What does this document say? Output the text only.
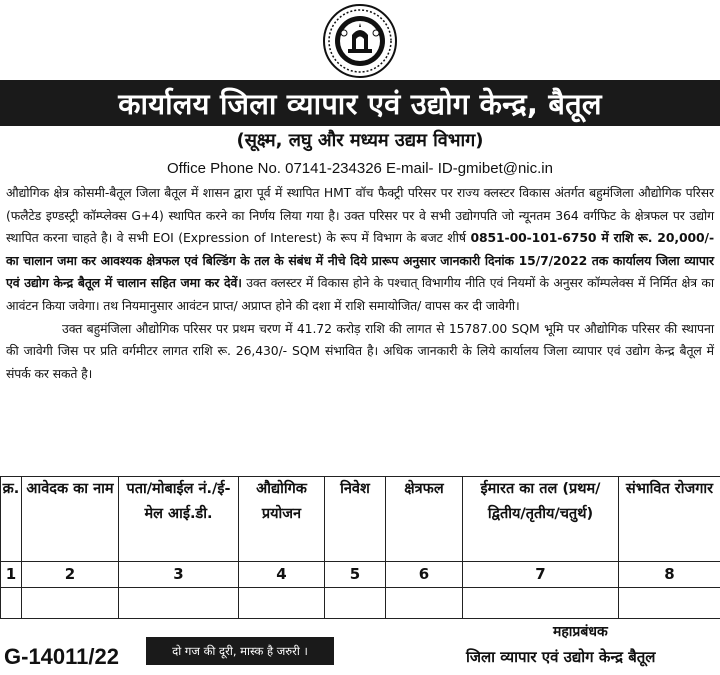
कार्यालय जिला व्यापार एवं उद्योग केन्द्र, बैतूल
(सूक्ष्म, लघु और मध्यम उद्यम विभाग)
Office Phone No. 07141-234326 E-mail- ID-gmibet@nic.in

औद्योगिक क्षेत्र कोसमी-बैतूल जिला बैतूल में शासन द्वारा पूर्व में स्थापित HMT वॉच फैक्ट्री परिसर पर राज्य क्लस्टर विकास अंतर्गत बहुमंजिला औद्योगिक परिसर (फलैटेड इण्डस्ट्री कॉम्प्लेक्स G+4) स्थापित करने का निर्णय लिया गया है। उक्त परिसर पर वे सभी उद्योगपति जो न्यूनतम 364 वर्गफिट के क्षेत्रफल पर उद्योग स्थापित करना चाहते है। वे सभी EOI (Expression of Interest) के रूप में विभाग के बजट शीर्ष 0851-00-101-6750 में राशि रू. 20,000/- का चालान जमा कर आवश्यक क्षेत्रफल एवं बिल्डिंग के तल के संबंध में नीचे दिये प्रारूप अनुसार जानकारी दिनांक 15/7/2022 तक कार्यालय जिला व्यापार एवं उद्योग केन्द्र बैतूल में चालान सहित जमा कर देवें। उक्त क्लस्टर में विकास होने के पश्चात् विभागीय नीति एवं नियमों के अनुसर कॉम्पलेक्स में निर्मित क्षेत्र का आवंटन किया जवेगा। तथ नियमानुसार आवंटन प्राप्त/ अप्राप्त होने की दशा में राशि समायोजित/ वापस कर दी जावेगी।

उक्त बहुमंजिला औद्योगिक परिसर पर प्रथम चरण में 41.72 करोड़ राशि की लागत से 15787.00 SQM भूमि पर औद्योगिक परिसर की स्थापना की जावेगी जिस पर प्रति वर्गमीटर लागत राशि रू. 26,430/- SQM संभावित है। अधिक जानकारी के लिये कार्यालय जिला व्यापार एवं उद्योग केन्द्र बैतूल में संपर्क कर सकते है।

क्र.	आवेदक का नाम	पता/मोबाईल नं./ई-मेल आई.डी.	औद्योगिक प्रयोजन	निवेश	क्षेत्रफल	ईमारत का तल (प्रथम/द्वितीय/तृतीय/चतुर्थ)	संभावित रोजगार
1	2	3	4	5	6	7	8

महाप्रबंधक
G-14011/22	दो गज की दूरी, मास्क है जरुरी ।	जिला व्यापार एवं उद्योग केन्द्र बैतूल
